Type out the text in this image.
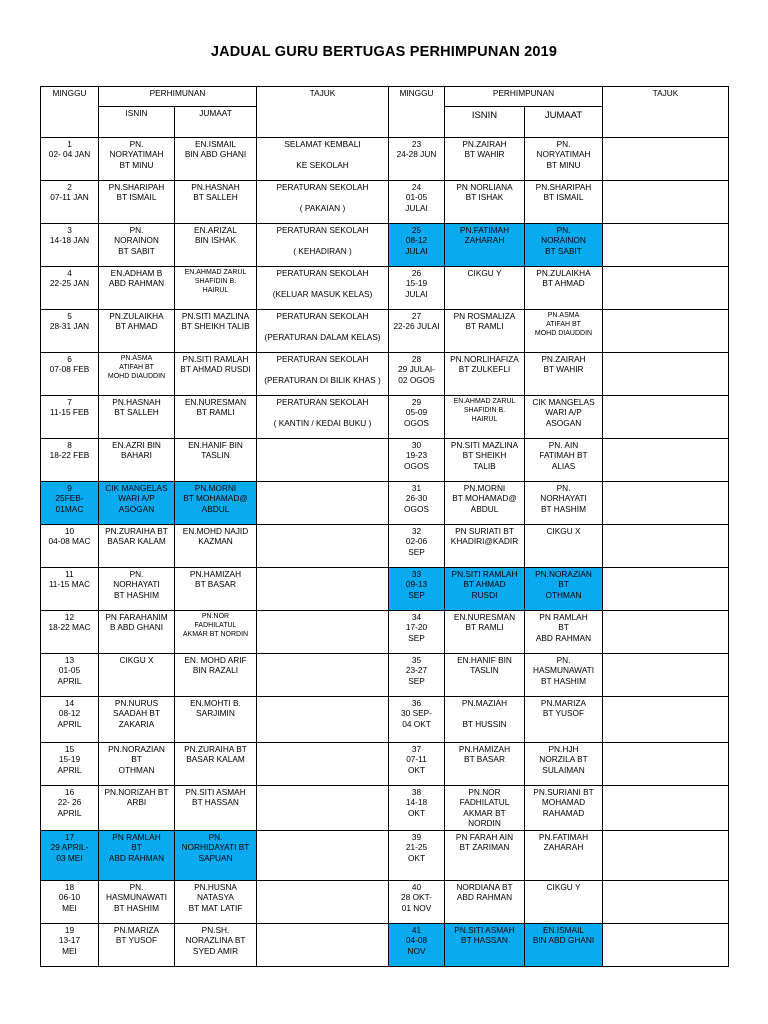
JADUAL GURU BERTUGAS PERHIMPUNAN 2019
MINGGU	PERHIMUNAN		TAJUK	MINGGU	PERHIMPUNAN		TAJUK
	ISNIN	JUMAAT			ISNIN	JUMAAT	

1
02- 04 JAN	PN.
NORYATIMAH
BT MINU	EN.ISMAIL
BIN ABD GHANI	SELAMAT KEMBALI

KE SEKOLAH	23
24-28 JUN	PN.ZAIRAH
BT WAHIR	PN.
NORYATIMAH
BT MINU	

2
07-11 JAN	PN.SHARIPAH
BT ISMAIL	PN.HASNAH
BT SALLEH	PERATURAN SEKOLAH

( PAKAIAN )	24
01-05
JULAI	PN NORLIANA
BT ISHAK	PN.SHARIPAH
BT ISMAIL	

3
14-18 JAN	PN.
NORAINON
BT SABIT	EN.ARIZAL
BIN ISHAK	PERATURAN SEKOLAH

( KEHADIRAN )	25
08-12
JULAI	PN.FATIMAH
ZAHARAH	PN.
NORAINON
BT SABIT	

4
22-25 JAN	EN.ADHAM B
ABD RAHMAN	EN.AHMAD ZARUL
SHAFIDIN B.
HAIRUL	PERATURAN SEKOLAH

(KELUAR MASUK KELAS)	26
15-19
JULAI	CIKGU Y	PN.ZULAIKHA
BT AHMAD	

5
28-31 JAN	PN.ZULAIKHA
BT AHMAD	PN.SITI MAZLINA
BT SHEIKH TALIB	PERATURAN SEKOLAH

(PERATURAN DALAM KELAS)	27
22-26 JULAI	PN ROSMALIZA
BT RAMLI	PN.ASMA
ATIFAH BT
MOHD DIAUDDIN	

6
07-08 FEB	PN.ASMA
ATIFAH BT
MOHD DIAUDDIN	PN.SITI RAMLAH
BT AHMAD RUSDI	PERATURAN SEKOLAH

(PERATURAN DI BILIK KHAS )	28
29 JULAI-
02 OGOS	PN.NORLIHAFIZA
BT ZULKEFLI	PN.ZAIRAH
BT WAHIR	

7
11-15 FEB	PN.HASNAH
BT SALLEH	EN.NURESMAN
BT RAMLI	PERATURAN SEKOLAH

( KANTIN / KEDAI BUKU )	29
05-09
OGOS	EN.AHMAD ZARUL
SHAFIDIN B.
HAIRUL	CIK MANGELAS
WARI A/P
ASOGAN	

8
18-22 FEB	EN.AZRI BIN
BAHARI	EN.HANIF BIN
TASLIN		30
19-23
OGOS	PN.SITI MAZLINA
BT SHEIKH
TALIB	PN. AIN
FATIMAH BT
ALIAS	

9
25FEB-
01MAC	CIK MANGELAS
WARI A/P
ASOGAN	PN.MORNI
BT MOHAMAD@
ABDUL		31
26-30
OGOS	PN.MORNI
BT MOHAMAD@
ABDUL	PN.
NORHAYATI
BT HASHIM	

10
04-08 MAC	PN.ZURAIHA BT
BASAR KALAM	EN.MOHD NAJID
KAZMAN		32
02-06
SEP	PN SURIATI BT
KHADIRI@KADIR	CIKGU X	

11
11-15 MAC	PN.
NORHAYATI
BT HASHIM	PN.HAMIZAH
BT BASAR		33
09-13
SEP	PN.SITI RAMLAH
BT AHMAD
RUSDI	PN.NORAZIAN
BT
OTHMAN	

12
18-22 MAC	PN FARAHANIM
B ABD GHANI	PN.NOR
FADHILATUL
AKMAR BT NORDIN		34
17-20
SEP	EN.NURESMAN
BT RAMLI	PN RAMLAH
BT
ABD RAHMAN	

13
01-05
APRIL	CIKGU X	EN. MOHD ARIF
BIN RAZALI		35
23-27
SEP	EN.HANIF BIN
TASLIN	PN.
HASMUNAWATI
BT HASHIM	

14
08-12
APRIL	PN.NURUS
SAADAH BT
ZAKARIA	EN.MOHTI B.
SARJIMIN		36
30 SEP-
04 OKT	PN.MAZIAH

BT HUSSIN	PN.MARIZA
BT YUSOF	

15
15-19
APRIL	PN.NORAZIAN
BT
OTHMAN	PN.ZURAIHA BT
BASAR KALAM		37
07-11
OKT	PN.HAMIZAH
BT BASAR	PN.HJH
NORZILA BT
SULAIMAN	

16
22- 26
APRIL	PN.NORIZAH BT
ARBI	PN.SITI ASMAH
BT HASSAN		38
14-18
OKT	PN.NOR
FADHILATUL
AKMAR BT
NORDIN	PN.SURIANI BT
MOHAMAD
RAHAMAD	

17
29 APRIL-
03 MEI	PN RAMLAH
BT
ABD RAHMAN	PN.
NORHIDAYATI BT
SAPUAN		39
21-25
OKT	PN FARAH AIN
BT ZARIMAN	PN.FATIMAH
ZAHARAH	

18
06-10
MEI	PN.
HASMUNAWATI
BT HASHIM	PN.HUSNA
NATASYA
BT MAT LATIF		40
28 OKT-
01 NOV	NORDIANA BT
ABD RAHMAN	CIKGU Y	

19
13-17
MEI	PN.MARIZA
BT YUSOF	PN.SH.
NORAZLINA BT
SYED AMIR		41
04-08
NOV	PN.SITI ASMAH
BT HASSAN	EN.ISMAIL
BIN ABD GHANI	
